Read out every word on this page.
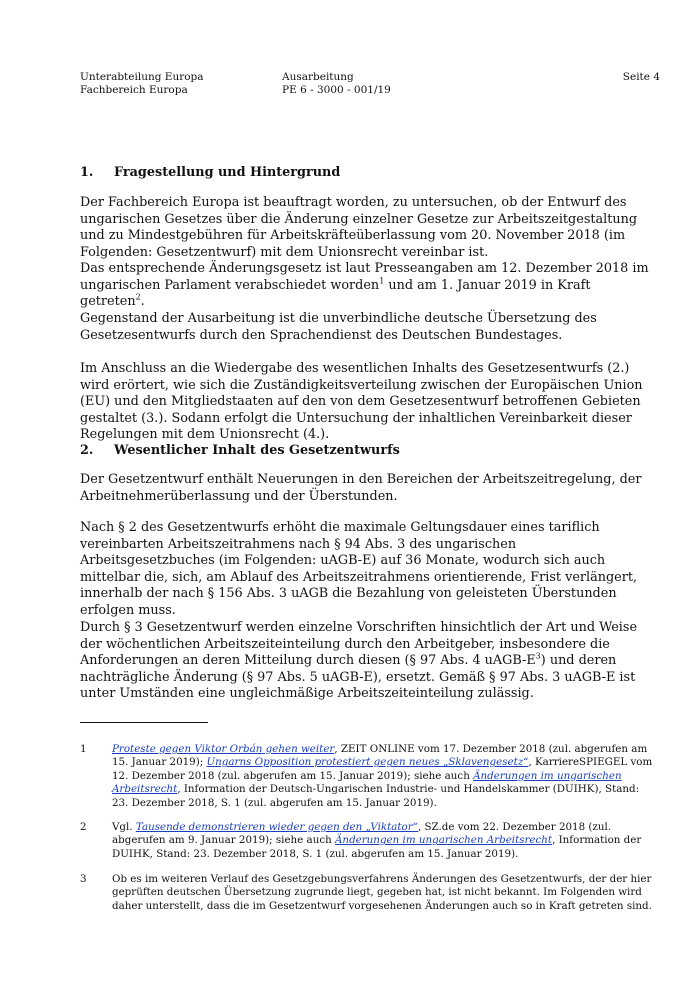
Unterabteilung Europa
Fachbereich Europa
Ausarbeitung
PE 6 - 3000 - 001/19
Seite 4
1. Fragestellung und Hintergrund

Der Fachbereich Europa ist beauftragt worden, zu untersuchen, ob der Entwurf des ungarischen Gesetzes über die Änderung einzelner Gesetze zur Arbeitszeitgestaltung und zu Mindestgebühren für Arbeitskräfteüberlassung vom 20. November 2018 (im Folgenden: Gesetzentwurf) mit dem Unionsrecht vereinbar ist.

Das entsprechende Änderungsgesetz ist laut Presseangaben am 12. Dezember 2018 im ungarischen Parlament verabschiedet worden$^1$ und am 1. Januar 2019 in Kraft getreten$^2$.

Gegenstand der Ausarbeitung ist die unverbindliche deutsche Übersetzung des Gesetzesentwurfs durch den Sprachendienst des Deutschen Bundestages.

Im Anschluss an die Wiedergabe des wesentlichen Inhalts des Gesetzesentwurfs (2.) wird erörtert, wie sich die Zuständigkeitsverteilung zwischen der Europäischen Union (EU) und den Mitgliedstaaten auf den von dem Gesetzesentwurf betroffenen Gebieten gestaltet (3.). Sodann erfolgt die Untersuchung der inhaltlichen Vereinbarkeit dieser Regelungen mit dem Unionsrecht (4.).

2. Wesentlicher Inhalt des Gesetzentwurfs

Der Gesetzentwurf enthält Neuerungen in den Bereichen der Arbeitszeitregelung, der Arbeitnehmerüberlassung und der Überstunden.

Nach § 2 des Gesetzentwurfs erhöht die maximale Geltungsdauer eines tariflich vereinbarten Arbeitszeitrahmens nach § 94 Abs. 3 des ungarischen Arbeitsgesetzbuches (im Folgenden: uAGB-E) auf 36 Monate, wodurch sich auch mittelbar die, sich, am Ablauf des Arbeitszeitrahmens orientierende, Frist verlängert, innerhalb der nach § 156 Abs. 3 uAGB die Bezahlung von geleisteten Überstunden erfolgen muss.

Durch § 3 Gesetzentwurf werden einzelne Vorschriften hinsichtlich der Art und Weise der wöchentlichen Arbeitszeiteinteilung durch den Arbeitgeber, insbesondere die Anforderungen an deren Mitteilung durch diesen (§ 97 Abs. 4 uAGB-$E^3$) und deren nachträgliche Änderung (§ 97 Abs. 5 uAGB-E), ersetzt. Gemäß § 97 Abs. 3 uAGB-E ist unter Umständen eine ungleichmäßige Arbeitszeiteinteilung zulässig.

1 Proteste gegen Viktor Orbán gehen weiter, ZEIT ONLINE vom 17. Dezember 2018 (zul. abgerufen am 15. Januar 2019); Ungarns Opposition protestiert gegen neues „Sklavengesetz“, KarriereSPIEGEL vom 12. Dezember 2018 (zul. abgerufen am 15. Januar 2019); siehe auch Änderungen im ungarischen Arbeitsrecht, Information der Deutsch-Ungarischen Industrie- und Handelskammer (DUIHK), Stand: 23. Dezember 2018, S. 1 (zul. abgerufen am 15. Januar 2019).
2 Vgl. Tausende demonstrieren wieder gegen den „Viktator“, SZ.de vom 22. Dezember 2018 (zul. abgerufen am 9. Januar 2019); siehe auch Änderungen im ungarischen Arbeitsrecht, Information der DUIHK, Stand: 23. Dezember 2018, S. 1 (zul. abgerufen am 15. Januar 2019).
3 Ob es im weiteren Verlauf des Gesetzgebungsverfahrens Änderungen des Gesetzentwurfs, der der hier geprüften deutschen Übersetzung zugrunde liegt, gegeben hat, ist nicht bekannt. Im Folgenden wird daher unterstellt, dass die im Gesetzentwurf vorgesehenen Änderungen auch so in Kraft getreten sind.
